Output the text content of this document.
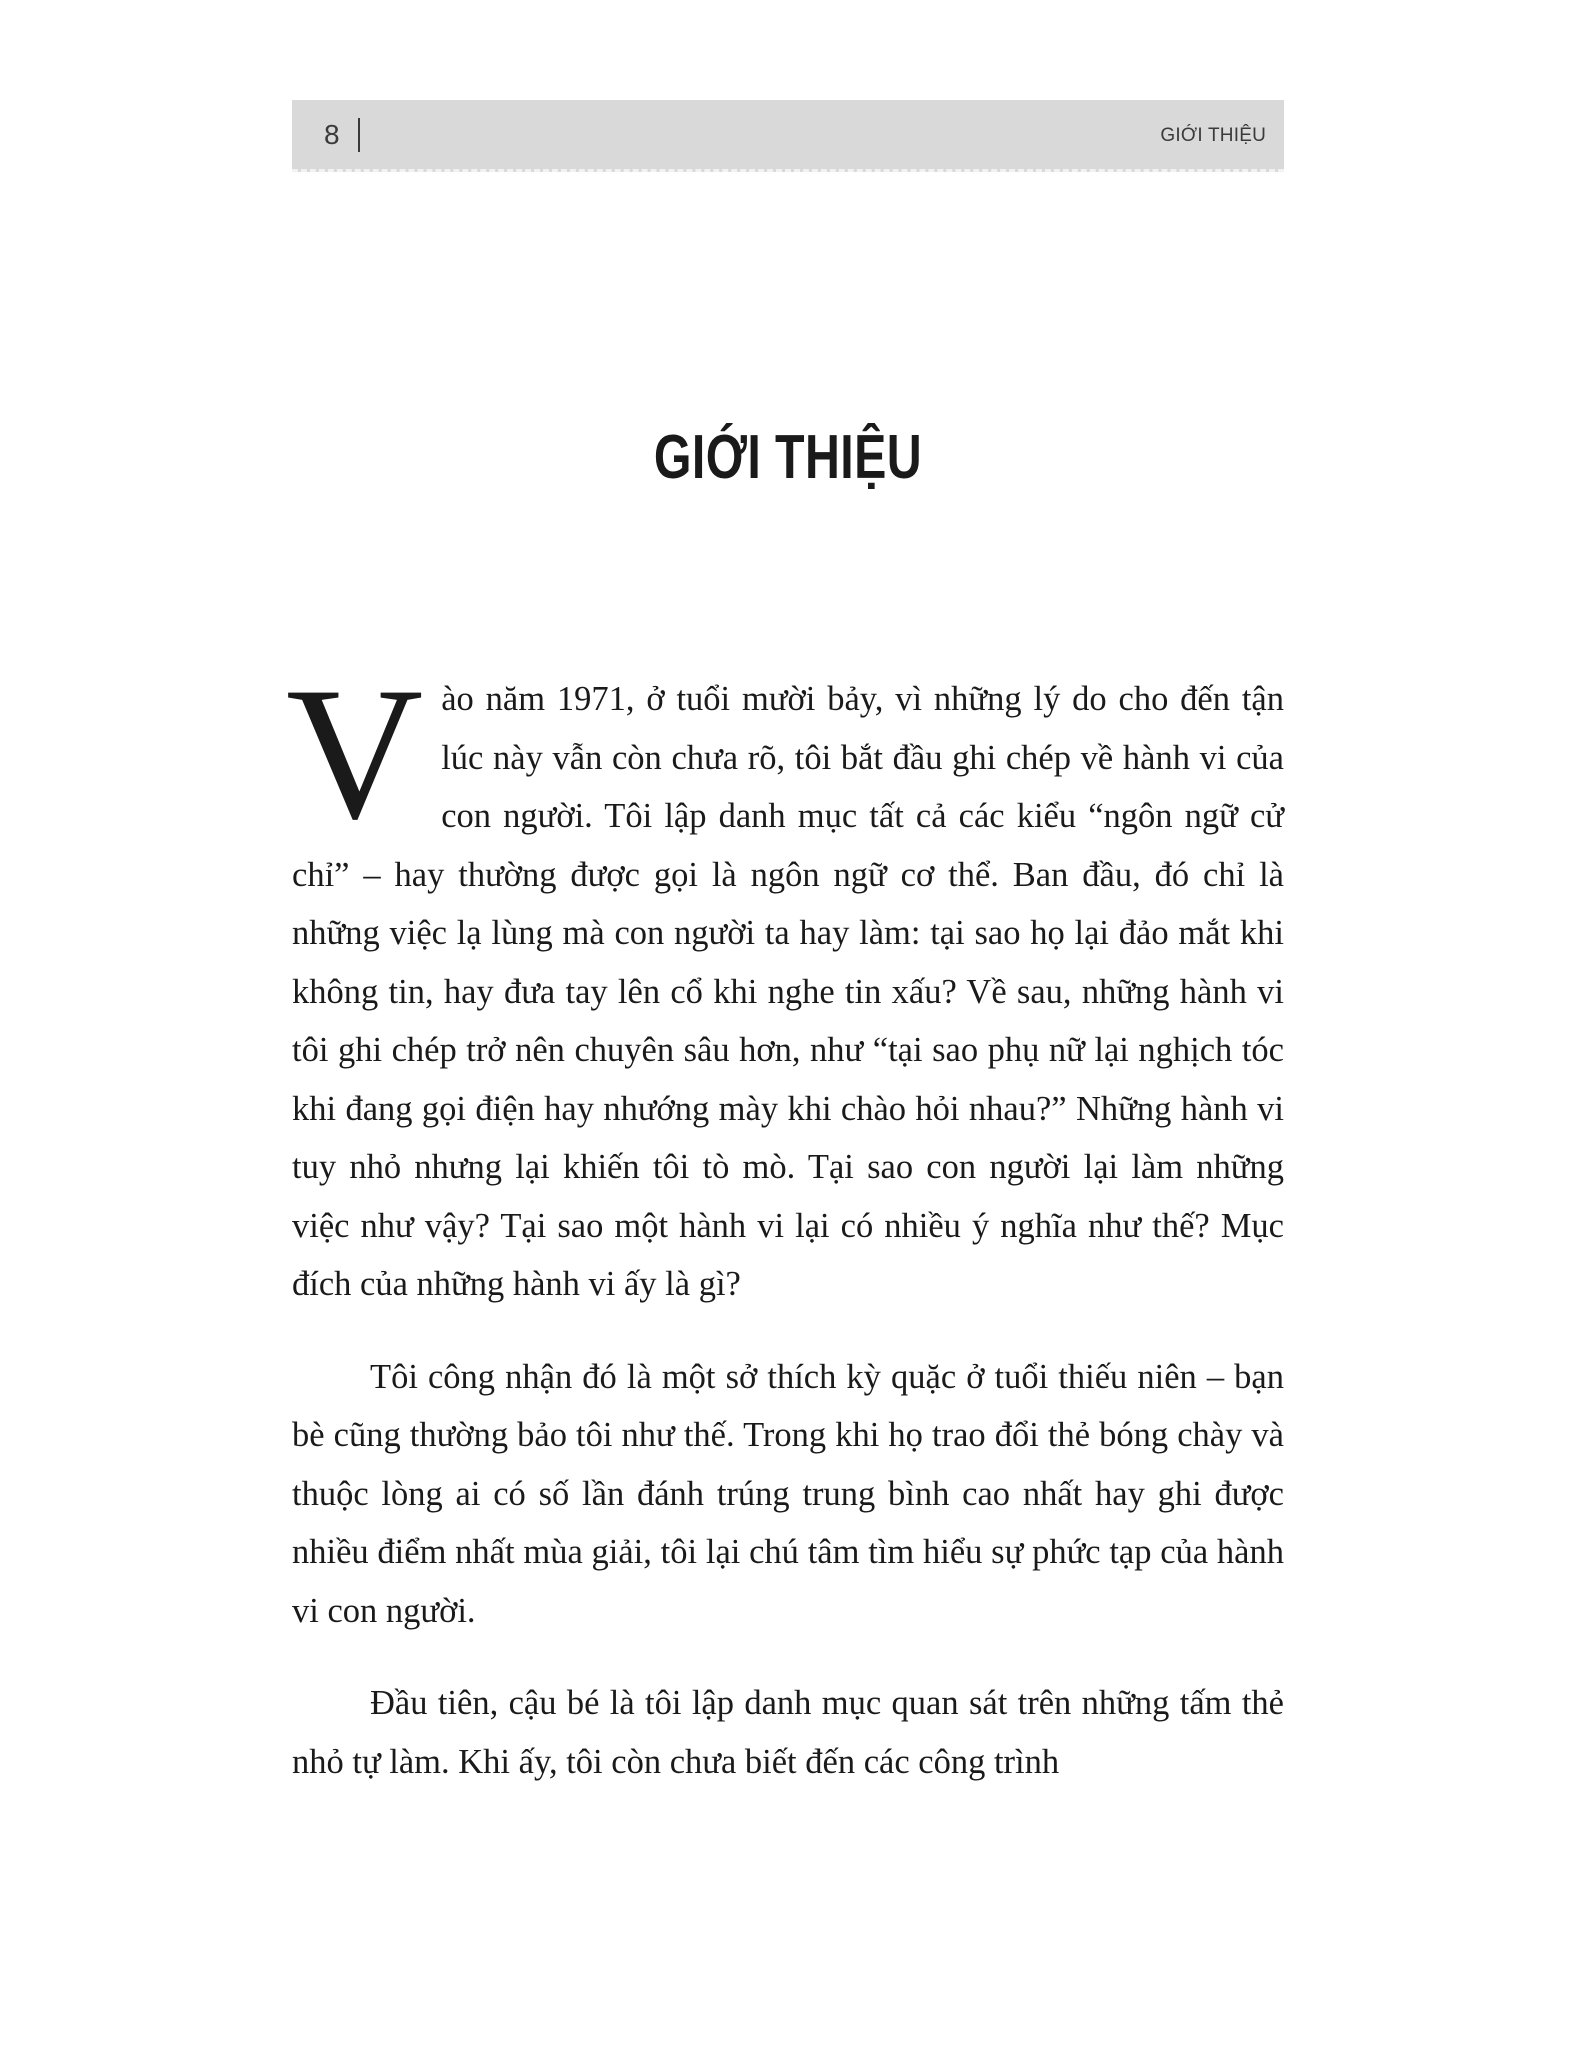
8	GIỚI THIỆU
GIỚI THIỆU

Vào năm 1971, ở tuổi mười bảy, vì những lý do cho đến tận lúc này vẫn còn chưa rõ, tôi bắt đầu ghi chép về hành vi của con người. Tôi lập danh mục tất cả các kiểu “ngôn ngữ cử chỉ” – hay thường được gọi là ngôn ngữ cơ thể. Ban đầu, đó chỉ là những việc lạ lùng mà con người ta hay làm: tại sao họ lại đảo mắt khi không tin, hay đưa tay lên cổ khi nghe tin xấu? Về sau, những hành vi tôi ghi chép trở nên chuyên sâu hơn, như “tại sao phụ nữ lại nghịch tóc khi đang gọi điện hay nhướng mày khi chào hỏi nhau?” Những hành vi tuy nhỏ nhưng lại khiến tôi tò mò. Tại sao con người lại làm những việc như vậy? Tại sao một hành vi lại có nhiều ý nghĩa như thế? Mục đích của những hành vi ấy là gì?

Tôi công nhận đó là một sở thích kỳ quặc ở tuổi thiếu niên – bạn bè cũng thường bảo tôi như thế. Trong khi họ trao đổi thẻ bóng chày và thuộc lòng ai có số lần đánh trúng trung bình cao nhất hay ghi được nhiều điểm nhất mùa giải, tôi lại chú tâm tìm hiểu sự phức tạp của hành vi con người.

Đầu tiên, cậu bé là tôi lập danh mục quan sát trên những tấm thẻ nhỏ tự làm. Khi ấy, tôi còn chưa biết đến các công trình
